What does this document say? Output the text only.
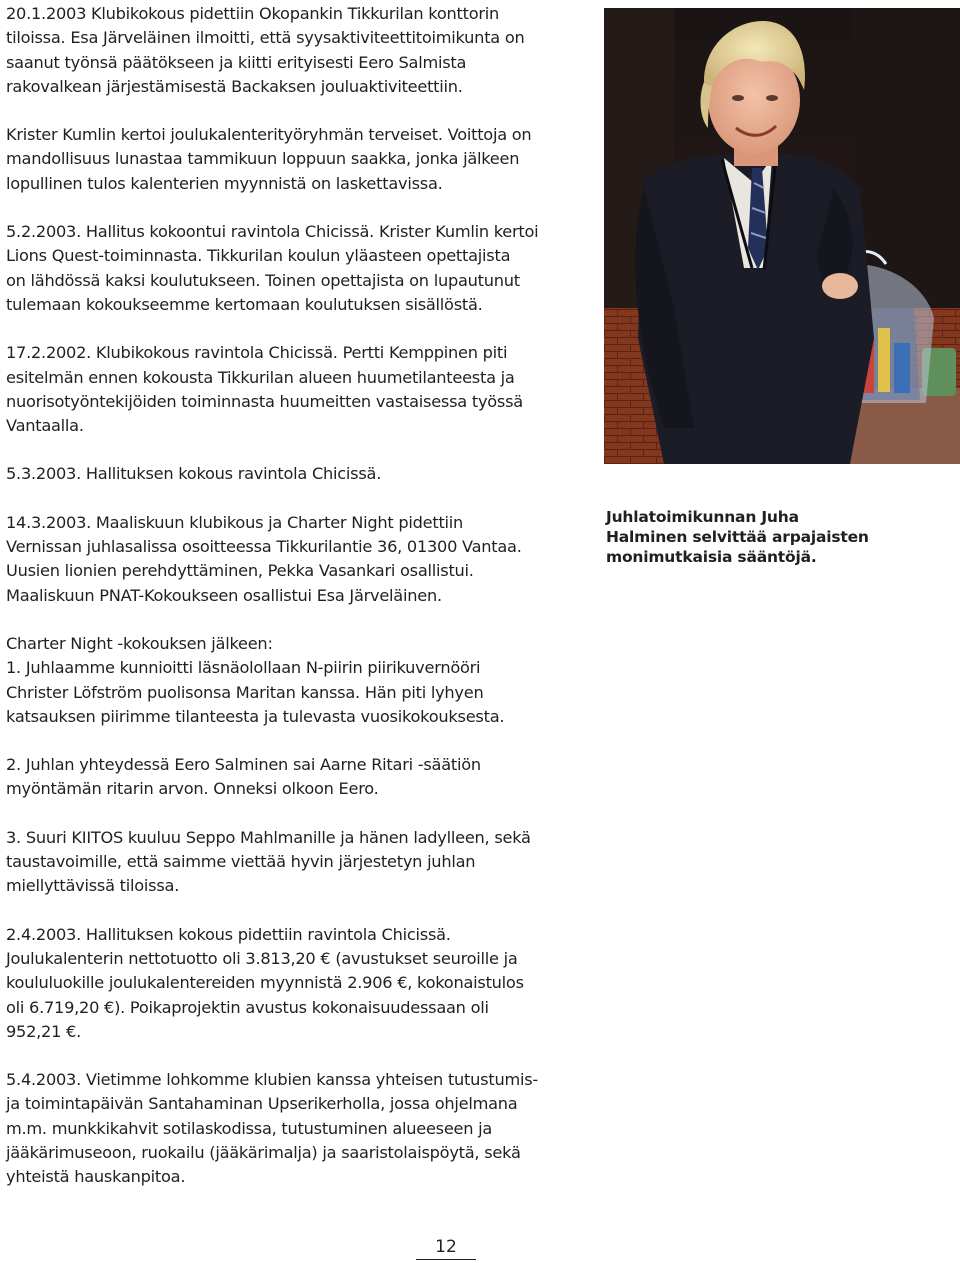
20.1.2003 Klubikokous pidettiin Okopankin Tikkurilan konttorin
tiloissa. Esa Järveläinen ilmoitti, että syysaktiviteettitoimikunta on
saanut työnsä päätökseen ja kiitti erityisesti Eero Salmista
rakovalkean järjestämisestä Backaksen jouluaktiviteettiin.
Krister Kumlin kertoi joulukalenterityöryhmän terveiset. Voittoja on
mandollisuus lunastaa tammikuun loppuun saakka, jonka jälkeen
lopullinen tulos kalenterien myynnistä on laskettavissa.
5.2.2003. Hallitus kokoontui ravintola Chicissä. Krister Kumlin kertoi
Lions Quest-toiminnasta. Tikkurilan koulun yläasteen opettajista
on lähdössä kaksi koulutukseen. Toinen opettajista on lupautunut
tulemaan kokoukseemme kertomaan koulutuksen sisällöstä.
17.2.2002. Klubikokous ravintola Chicissä. Pertti Kemppinen piti
esitelmän ennen kokousta Tikkurilan alueen huumetilanteesta ja
nuorisotyöntekijöiden toiminnasta huumeitten vastaisessa työssä
Vantaalla.
5.3.2003. Hallituksen kokous ravintola Chicissä.
14.3.2003. Maaliskuun klubikous ja Charter Night pidettiin
Vernissan juhlasalissa osoitteessa Tikkurilantie 36, 01300 Vantaa.
Uusien lionien perehdyttäminen, Pekka Vasankari osallistui.
Maaliskuun PNAT-Kokoukseen osallistui Esa Järveläinen.
Charter Night -kokouksen jälkeen:
1. Juhlaamme kunnioitti läsnäolollaan N-piirin piirikuvernööri
Christer Löfström puolisonsa Maritan kanssa. Hän piti lyhyen
katsauksen piirimme tilanteesta ja tulevasta vuosikokouksesta.
2. Juhlan yhteydessä Eero Salminen sai Aarne Ritari -säätiön
myöntämän ritarin arvon. Onneksi olkoon Eero.
3. Suuri KIITOS kuuluu Seppo Mahlmanille ja hänen ladylleen, sekä
taustavoimille, että saimme viettää hyvin järjestetyn juhlan
miellyttävissä tiloissa.
2.4.2003. Hallituksen kokous pidettiin ravintola Chicissä.
Joulukalenterin nettotuotto oli 3.813,20 € (avustukset seuroille ja
koululuokille joulukalentereiden myynnistä 2.906 €, kokonaistulos
oli 6.719,20 €). Poikaprojektin avustus kokonaisuudessaan oli
952,21 €.
5.4.2003. Vietimme lohkomme klubien kanssa yhteisen tutustumis-
ja toimintapäivän Santahaminan Upserikerholla, jossa ohjelmana
m.m. munkkikahvit sotilaskodissa, tutustuminen alueeseen ja
jääkärimuseoon, ruokailu (jääkärimalja) ja saaristolaispöytä, sekä
yhteistä hauskanpitoa.
Juhlatoimikunnan Juha
Halminen selvittää arpajaisten
monimutkaisia sääntöjä.
12
